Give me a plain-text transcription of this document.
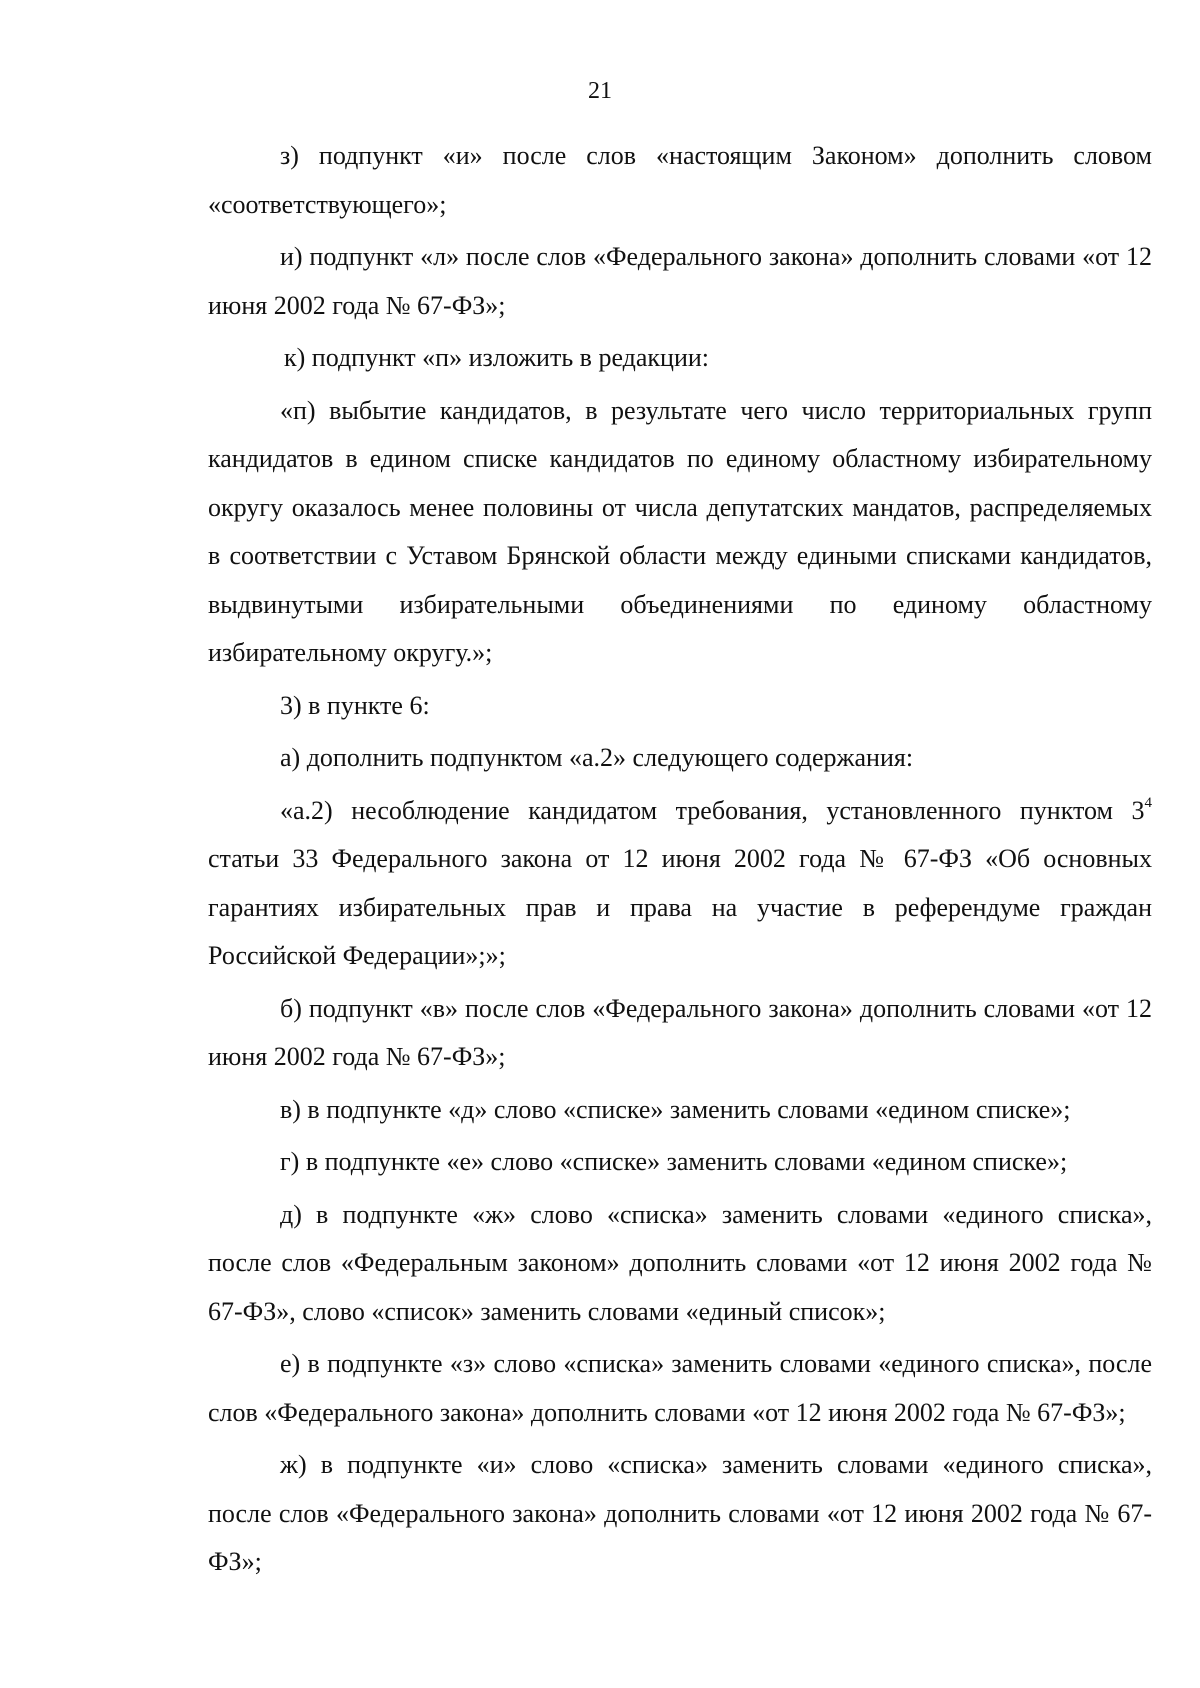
21

з) подпункт «и» после слов «настоящим Законом» дополнить словом «соответствующего»;

и) подпункт «л» после слов «Федерального закона» дополнить словами «от 12 июня 2002 года № 67-ФЗ»;

к) подпункт «п» изложить в редакции:

«п) выбытие кандидатов, в результате чего число территориальных групп кандидатов в едином списке кандидатов по единому областному избирательному округу оказалось менее половины от числа депутатских мандатов, распределяемых в соответствии с Уставом Брянской области между едиными списками кандидатов, выдвинутыми избирательными объединениями по единому областному избирательному округу.»;

3) в пункте 6:

а) дополнить подпунктом «а.2» следующего содержания:

«а.2) несоблюдение кандидатом требования, установленного пунктом $3^4$ статьи 33 Федерального закона от 12 июня 2002 года № 67-ФЗ «Об основных гарантиях избирательных прав и права на участие в референдуме граждан Российской Федерации»;»;

б) подпункт «в» после слов «Федерального закона» дополнить словами «от 12 июня 2002 года № 67-ФЗ»;

в) в подпункте «д» слово «списке» заменить словами «едином списке»;

г) в подпункте «е» слово «списке» заменить словами «едином списке»;

д) в подпункте «ж» слово «списка» заменить словами «единого списка», после слов «Федеральным законом» дополнить словами «от 12 июня 2002 года № 67-ФЗ», слово «список» заменить словами «единый список»;

е) в подпункте «з» слово «списка» заменить словами «единого списка», после слов «Федерального закона» дополнить словами «от 12 июня 2002 года № 67-ФЗ»;

ж) в подпункте «и» слово «списка» заменить словами «единого списка», после слов «Федерального закона» дополнить словами «от 12 июня 2002 года № 67-ФЗ»;
